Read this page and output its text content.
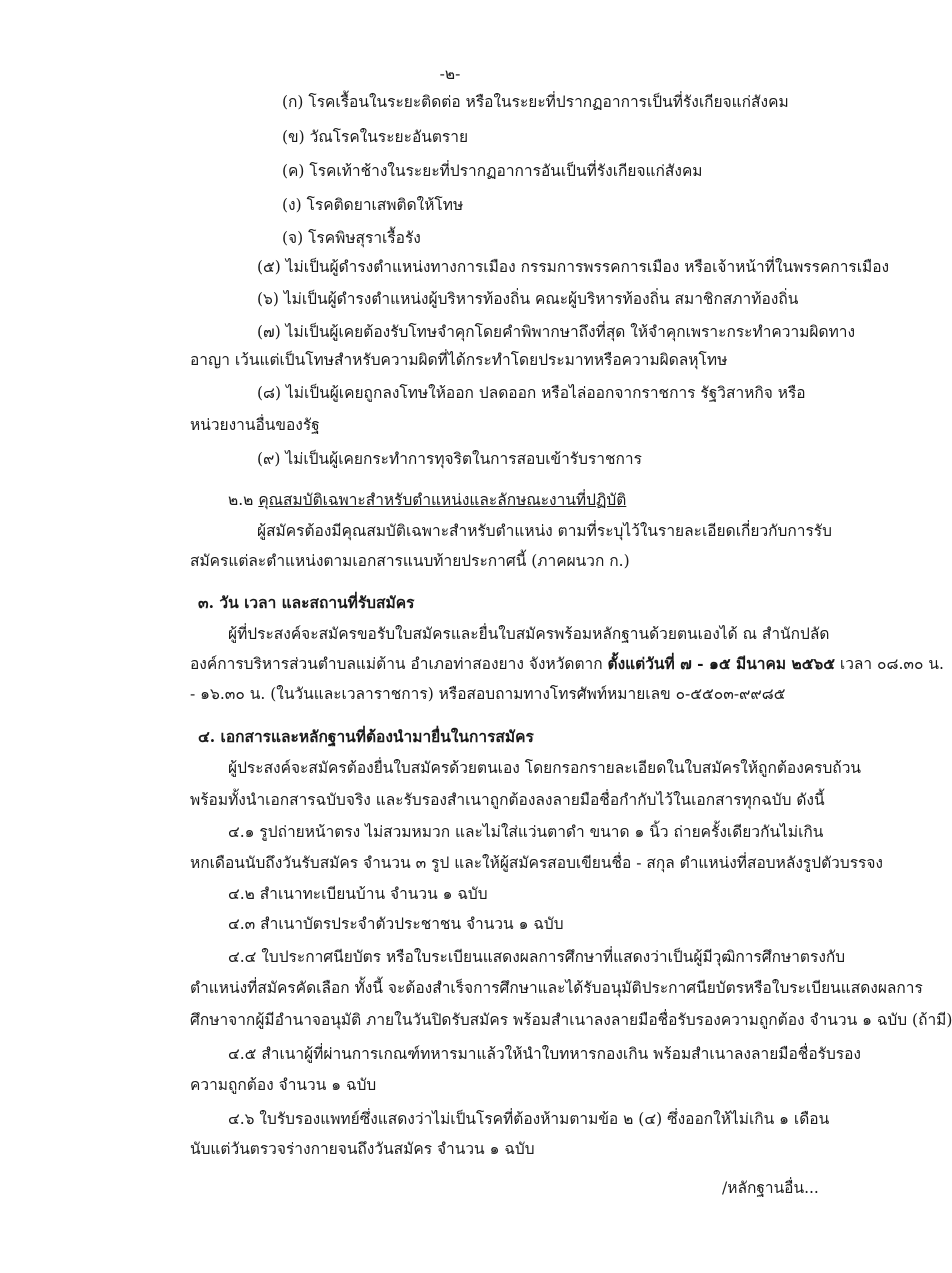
-๒-
(ก) โรคเรื้อนในระยะติดต่อ หรือในระยะที่ปรากฏอาการเป็นที่รังเกียจแก่สังคม
(ข) วัณโรคในระยะอันตราย
(ค) โรคเท้าช้างในระยะที่ปรากฏอาการอันเป็นที่รังเกียจแก่สังคม
(ง) โรคติดยาเสพติดให้โทษ
(จ) โรคพิษสุราเรื้อรัง
(๕) ไม่เป็นผู้ดำรงตำแหน่งทางการเมือง กรรมการพรรคการเมือง หรือเจ้าหน้าที่ในพรรคการเมือง
(๖) ไม่เป็นผู้ดำรงตำแหน่งผู้บริหารท้องถิ่น คณะผู้บริหารท้องถิ่น สมาชิกสภาท้องถิ่น
(๗) ไม่เป็นผู้เคยต้องรับโทษจำคุกโดยคำพิพากษาถึงที่สุด ให้จำคุกเพราะกระทำความผิดทาง
อาญา เว้นแต่เป็นโทษสำหรับความผิดที่ได้กระทำโดยประมาทหรือความผิดลหุโทษ
(๘) ไม่เป็นผู้เคยถูกลงโทษให้ออก ปลดออก หรือไล่ออกจากราชการ รัฐวิสาหกิจ หรือ
หน่วยงานอื่นของรัฐ
(๙) ไม่เป็นผู้เคยกระทำการทุจริตในการสอบเข้ารับราชการ
๒.๒ คุณสมบัติเฉพาะสำหรับตำแหน่งและลักษณะงานที่ปฏิบัติ
ผู้สมัครต้องมีคุณสมบัติเฉพาะสำหรับตำแหน่ง ตามที่ระบุไว้ในรายละเอียดเกี่ยวกับการรับ
สมัครแต่ละตำแหน่งตามเอกสารแนบท้ายประกาศนี้ (ภาคผนวก ก.)
๓. วัน เวลา และสถานที่รับสมัคร
ผู้ที่ประสงค์จะสมัครขอรับใบสมัครและยื่นใบสมัครพร้อมหลักฐานด้วยตนเองได้ ณ สำนักปลัด
องค์การบริหารส่วนตำบลแม่ต้าน อำเภอท่าสองยาง จังหวัดตาก ตั้งแต่วันที่ ๗ - ๑๕ มีนาคม ๒๕๖๕ เวลา ๐๘.๓๐ น.
- ๑๖.๓๐ น. (ในวันและเวลาราชการ) หรือสอบถามทางโทรศัพท์หมายเลข ๐-๕๕๐๓-๙๙๘๕
๔. เอกสารและหลักฐานที่ต้องนำมายื่นในการสมัคร
ผู้ประสงค์จะสมัครต้องยื่นใบสมัครด้วยตนเอง โดยกรอกรายละเอียดในใบสมัครให้ถูกต้องครบถ้วน
พร้อมทั้งนำเอกสารฉบับจริง และรับรองสำเนาถูกต้องลงลายมือชื่อกำกับไว้ในเอกสารทุกฉบับ ดังนี้
๔.๑ รูปถ่ายหน้าตรง ไม่สวมหมวก และไม่ใส่แว่นตาดำ ขนาด ๑ นิ้ว ถ่ายครั้งเดียวกันไม่เกิน
หกเดือนนับถึงวันรับสมัคร จำนวน ๓ รูป และให้ผู้สมัครสอบเขียนชื่อ - สกุล ตำแหน่งที่สอบหลังรูปตัวบรรจง
๔.๒ สำเนาทะเบียนบ้าน จำนวน ๑ ฉบับ
๔.๓ สำเนาบัตรประจำตัวประชาชน จำนวน ๑ ฉบับ
๔.๔ ใบประกาศนียบัตร หรือใบระเบียนแสดงผลการศึกษาที่แสดงว่าเป็นผู้มีวุฒิการศึกษาตรงกับ
ตำแหน่งที่สมัครคัดเลือก ทั้งนี้ จะต้องสำเร็จการศึกษาและได้รับอนุมัติประกาศนียบัตรหรือใบระเบียนแสดงผลการ
ศึกษาจากผู้มีอำนาจอนุมัติ ภายในวันปิดรับสมัคร พร้อมสำเนาลงลายมือชื่อรับรองความถูกต้อง จำนวน ๑ ฉบับ (ถ้ามี)
๔.๕ สำเนาผู้ที่ผ่านการเกณฑ์ทหารมาแล้วให้นำใบทหารกองเกิน พร้อมสำเนาลงลายมือชื่อรับรอง
ความถูกต้อง จำนวน ๑ ฉบับ
๔.๖ ใบรับรองแพทย์ซึ่งแสดงว่าไม่เป็นโรคที่ต้องห้ามตามข้อ ๒ (๔) ซึ่งออกให้ไม่เกิน ๑ เดือน
นับแต่วันตรวจร่างกายจนถึงวันสมัคร จำนวน ๑ ฉบับ
/หลักฐานอื่น...
